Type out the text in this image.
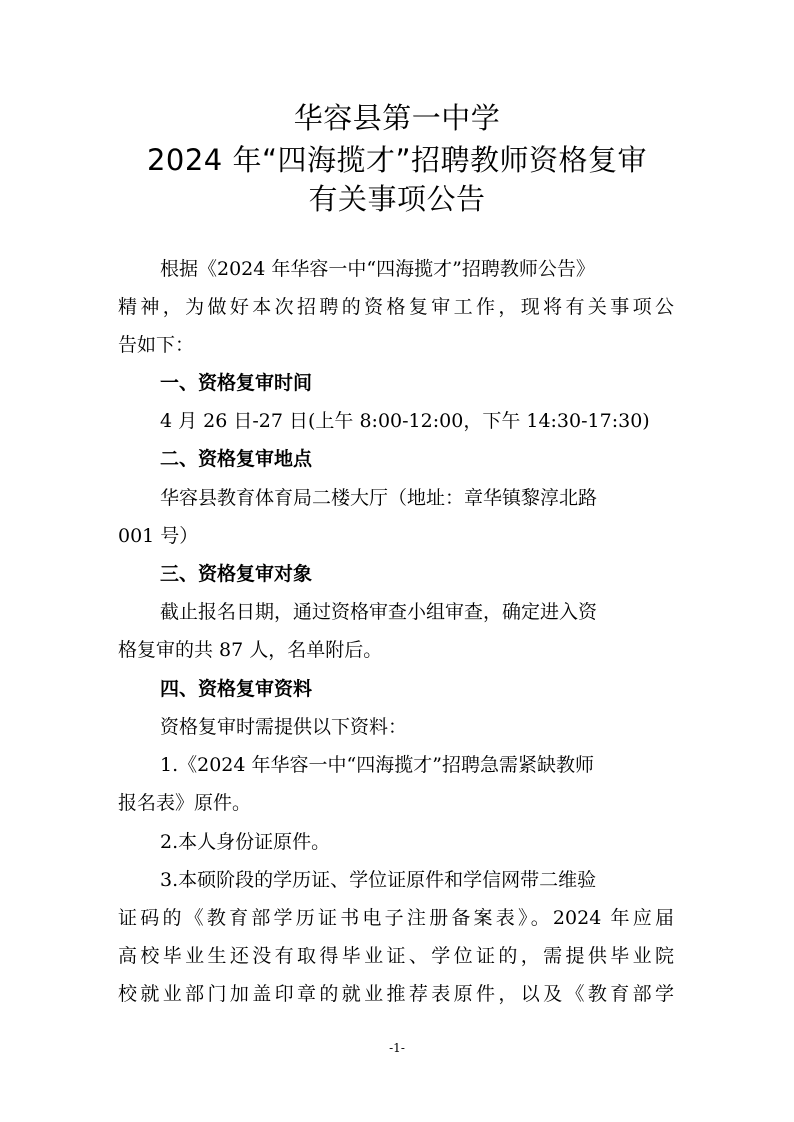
华容县第一中学
2024 年“四海揽才”招聘教师资格复审
有关事项公告
根据《2024 年华容一中“四海揽才”招聘教师公告》
精神，为做好本次招聘的资格复审工作，现将有关事项公
告如下：
一、资格复审时间
4 月 26 日-27 日(上午 8:00-12:00，下午 14:30-17:30)
二、资格复审地点
华容县教育体育局二楼大厅（地址：章华镇黎淳北路
001 号）
三、资格复审对象
截止报名日期，通过资格审查小组审查，确定进入资
格复审的共 87 人，名单附后。
四、资格复审资料
资格复审时需提供以下资料：
1.《2024 年华容一中“四海揽才”招聘急需紧缺教师
报名表》原件。
2.本人身份证原件。
3.本硕阶段的学历证、学位证原件和学信网带二维验
证码的《教育部学历证书电子注册备案表》。2024 年应届
高校毕业生还没有取得毕业证、学位证的，需提供毕业院
校就业部门加盖印章的就业推荐表原件，以及《教育部学
-1-
